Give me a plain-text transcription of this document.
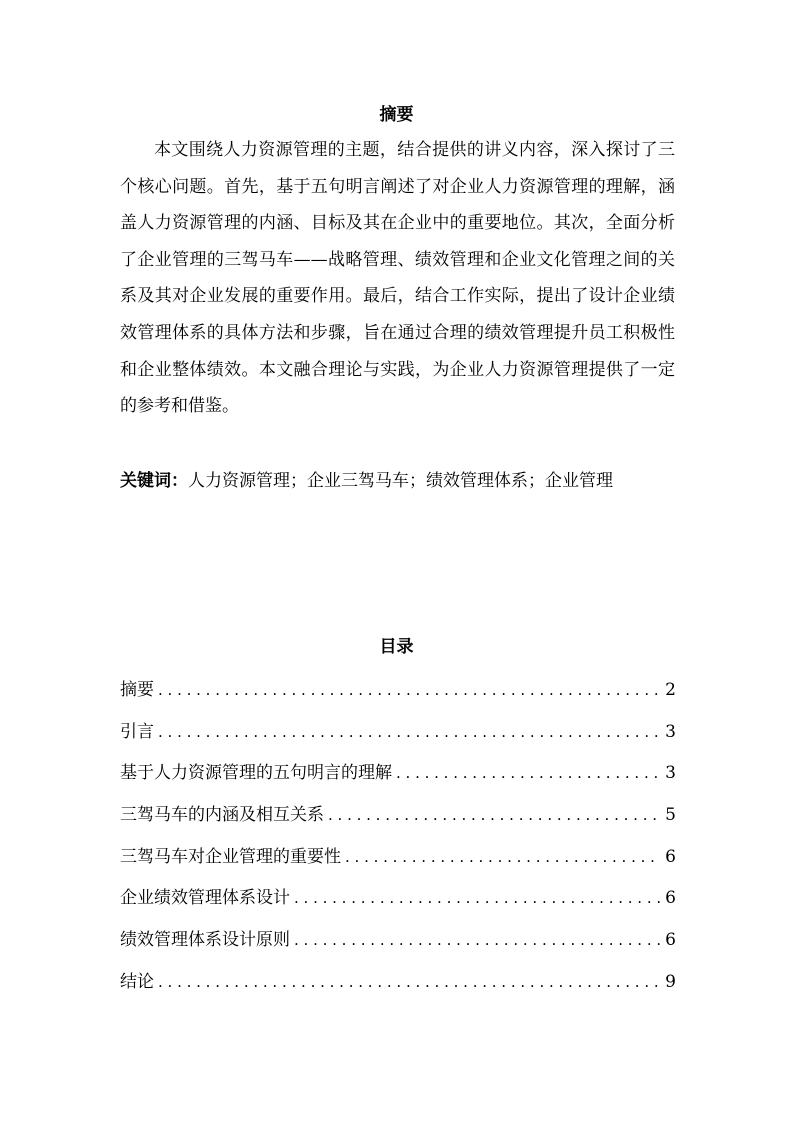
摘要

本文围绕人力资源管理的主题，结合提供的讲义内容，深入探讨了三个核心问题。首先，基于五句明言阐述了对企业人力资源管理的理解，涵盖人力资源管理的内涵、目标及其在企业中的重要地位。其次，全面分析了企业管理的三驾马车——战略管理、绩效管理和企业文化管理之间的关系及其对企业发展的重要作用。最后，结合工作实际，提出了设计企业绩效管理体系的具体方法和步骤，旨在通过合理的绩效管理提升员工积极性和企业整体绩效。本文融合理论与实践，为企业人力资源管理提供了一定的参考和借鉴。

关键词：人力资源管理；企业三驾马车；绩效管理体系；企业管理
目录
摘要 . . .	2
引言 . . .	3
基于人力资源管理的五句明言的理解 . . .	3
三驾马车的内涵及相互关系 . . .	5
三驾马车对企业管理的重要性 . . .	6
企业绩效管理体系设计 . . .	6
绩效管理体系设计原则 . . .	6
结论 . . .	9
